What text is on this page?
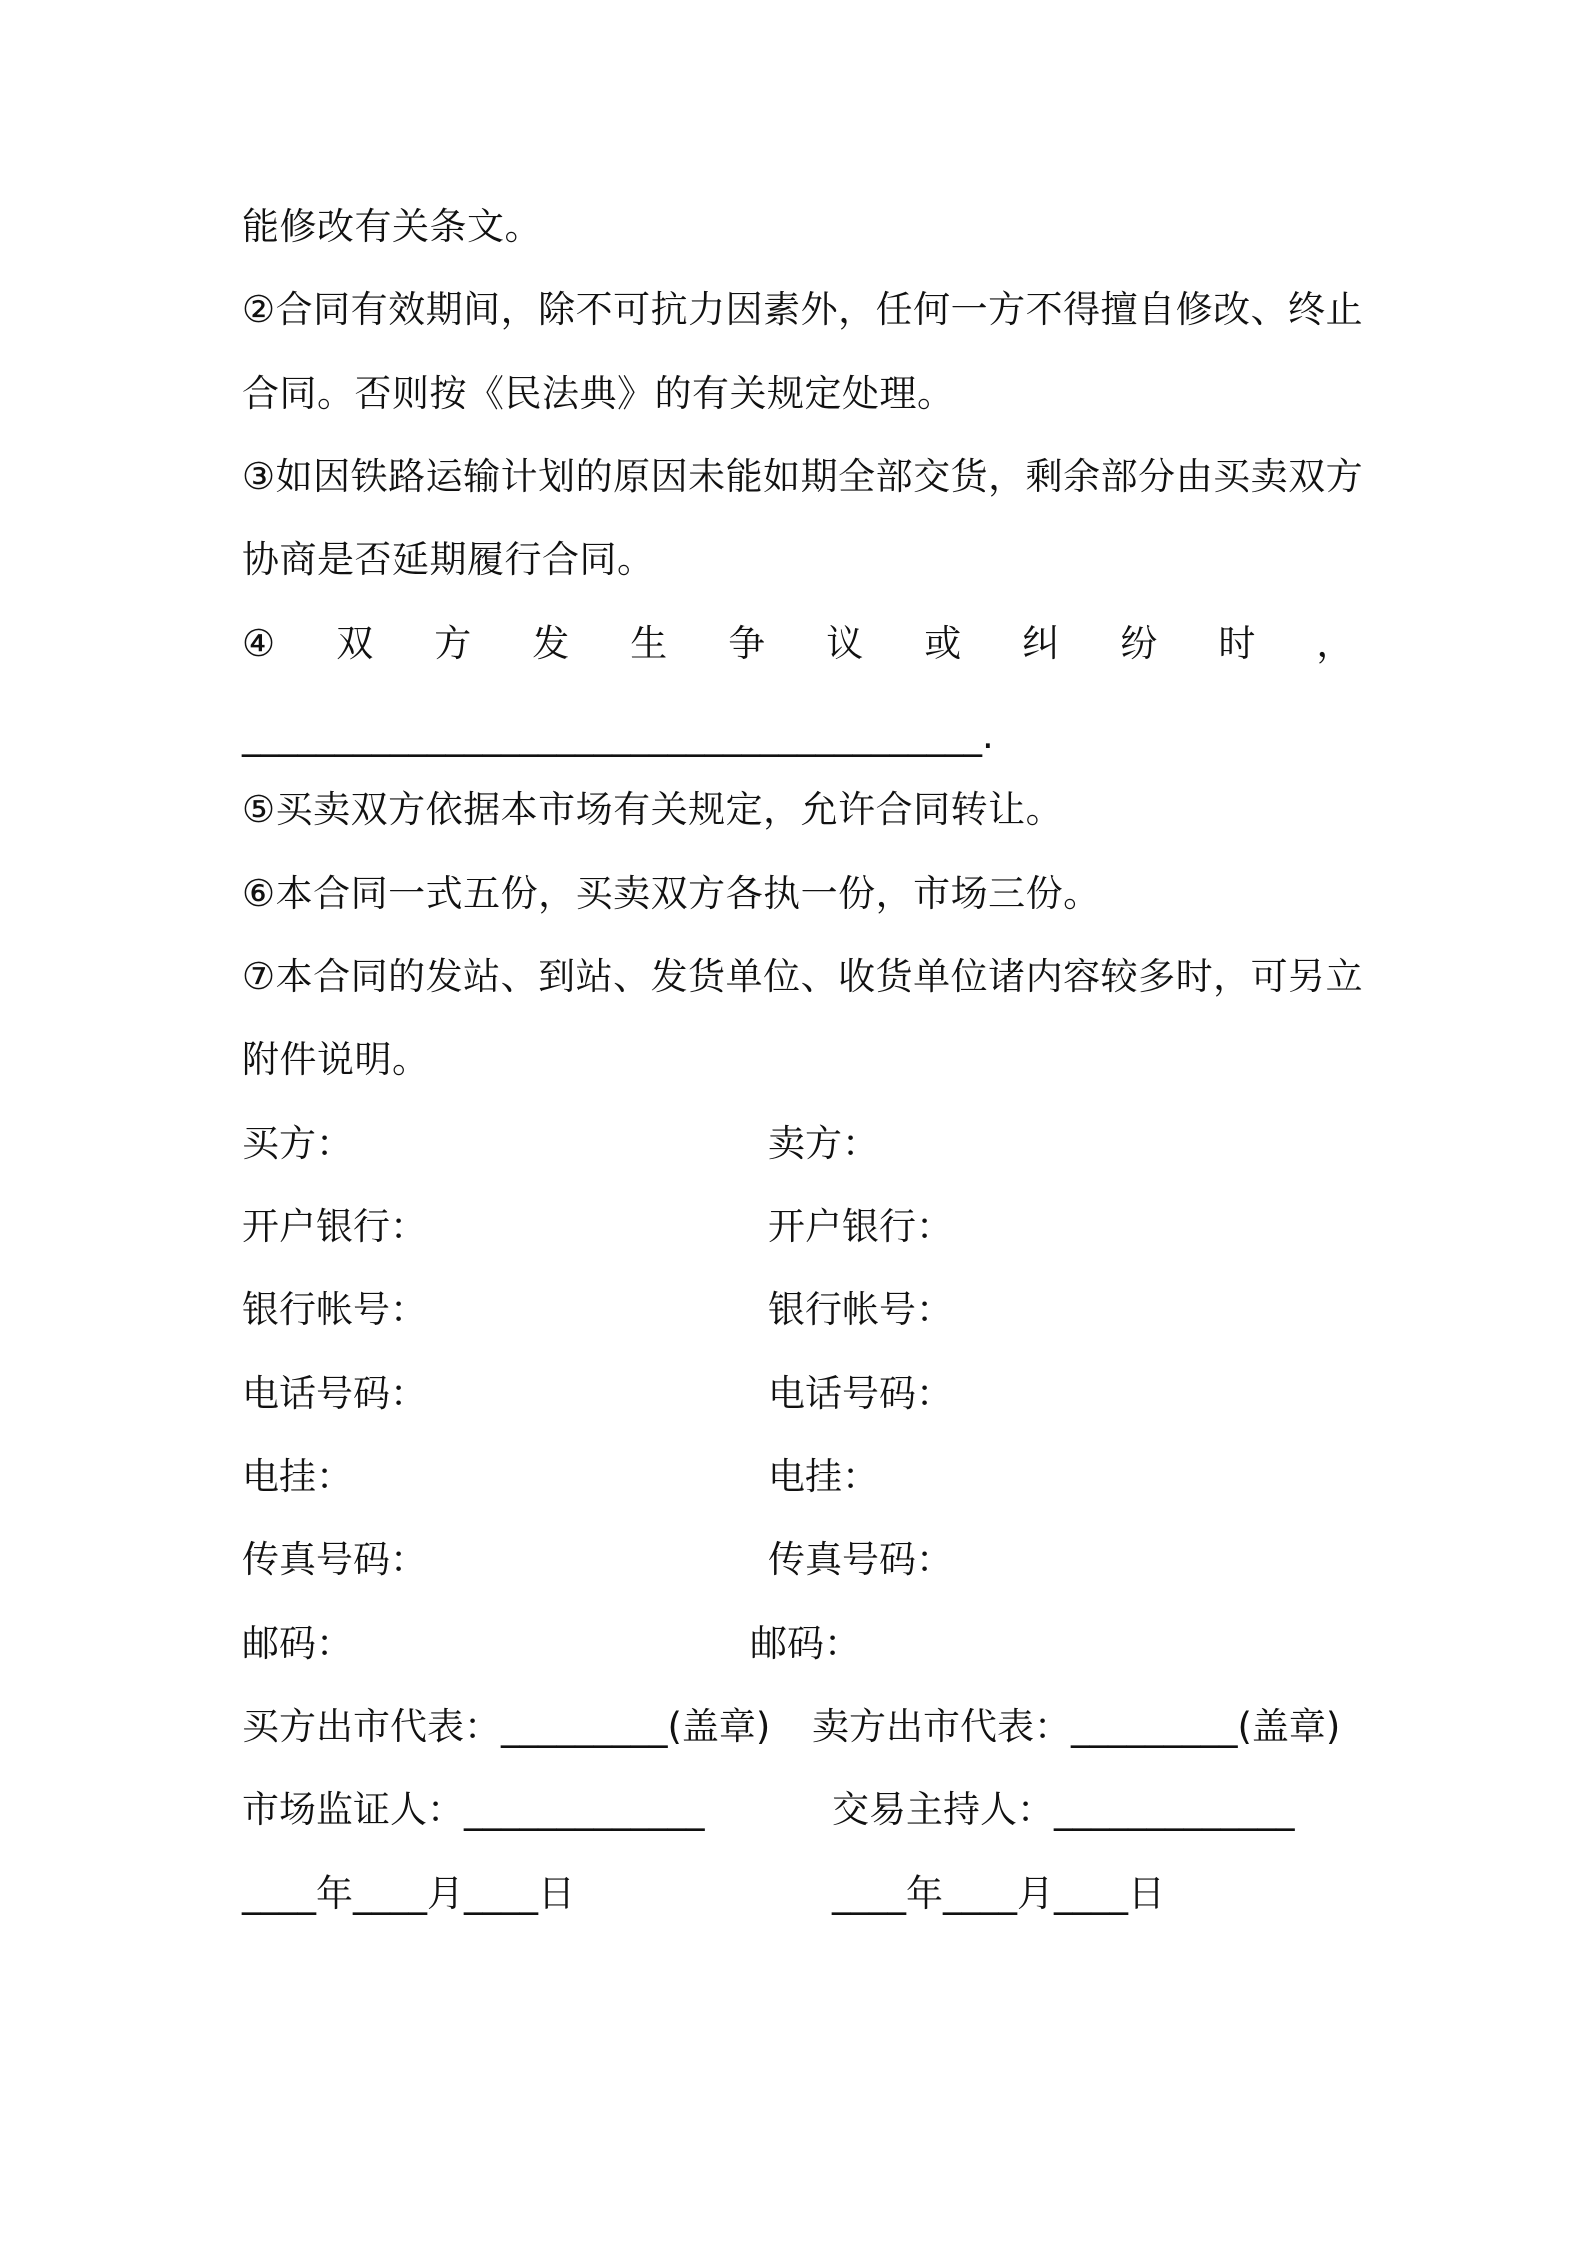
能修改有关条文。
②合同有效期间，除不可抗力因素外，任何一方不得擅自修改、终止
合同。否则按《民法典》的有关规定处理。
③如因铁路运输计划的原因未能如期全部交货，剩余部分由买卖双方
协商是否延期履行合同。
④ 双 方 发 生 争 议 或 纠 纷 时 ，
________________________________________.
⑤买卖双方依据本市场有关规定，允许合同转让。
⑥本合同一式五份，买卖双方各执一份，市场三份。
⑦本合同的发站、到站、发货单位、收货单位诸内容较多时，可另立
附件说明。
买方：	卖方：
开户银行：	开户银行：
银行帐号：	银行帐号：
电话号码：	电话号码：
电挂：	电挂：
传真号码：	传真号码：
邮码：	邮码：
买方出市代表：_________(盖章) 卖方出市代表：_________(盖章)
市场监证人：_____________	交易主持人：_____________
____年____月____日	____年____月____日
